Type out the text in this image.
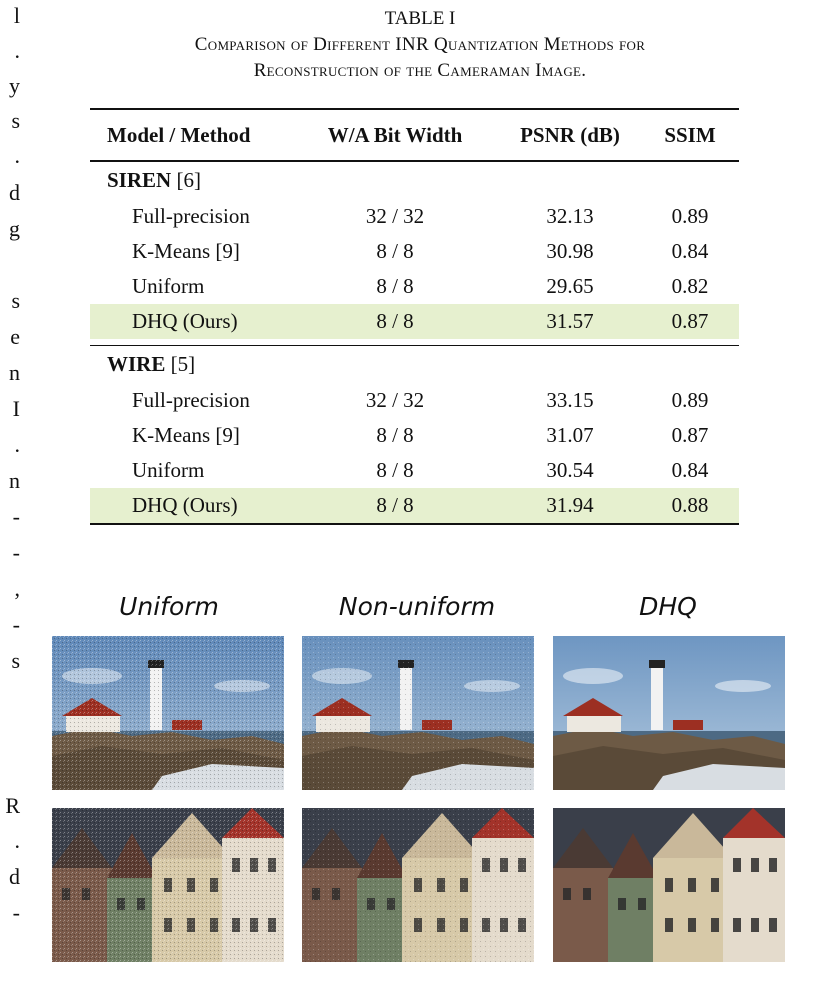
l
.
y
s
.
d
g
s
e
n
I
.
n
-
-
,
-
s
R
.
d
-
TABLE I
Comparison of Different INR Quantization Methods for
Reconstruction of the Cameraman Image.
Model / Method	W/A Bit Width	PSNR (dB)	SSIM
SIREN
[6]
Full-precision	32 / 32	32.13	0.89
K-Means [9]	8 / 8	30.98	0.84
Uniform	8 / 8	29.65	0.82
DHQ (Ours)	8 / 8	31.57	0.87
WIRE
[5]
Full-precision	32 / 32	33.15	0.89
K-Means [9]	8 / 8	31.07	0.87
Uniform	8 / 8	30.54	0.84
DHQ (Ours)	8 / 8	31.94	0.88
Uniform	Non-uniform	DHQ
